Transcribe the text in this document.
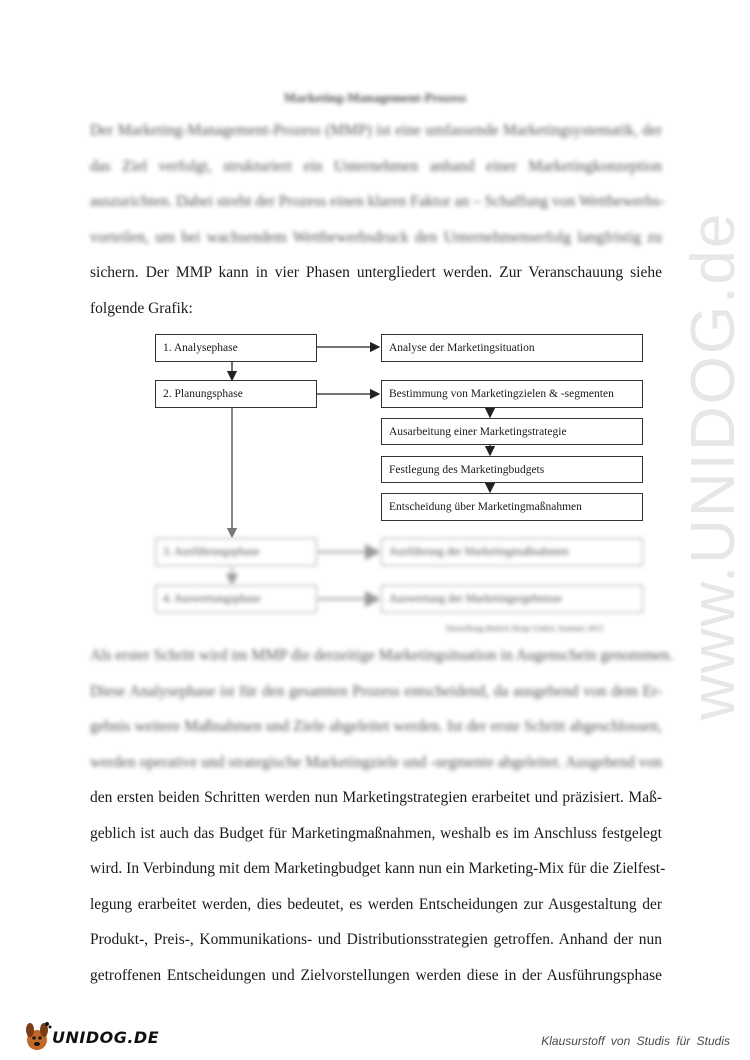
www.UNIDOG.de
Marketing-Management-Prozess

Der Marketing-Management-Prozess (MMP) ist eine umfassende Marketingsystematik, der
das Ziel verfolgt, strukturiert ein Unternehmen anhand einer Marketingkonzeption
auszurichten. Dabei strebt der Prozess einen klaren Faktor an – Schaffung von Wettbewerbs-
vorteilen, um bei wachsendem Wettbewerbsdruck den Unternehmenserfolg langfristig zu
sichern. Der MMP kann in vier Phasen untergliedert werden. Zur Veranschauung siehe
folgende Grafik:

1. Analysephase
2. Planungsphase
Analyse der Marketingsituation
Bestimmung von Marketingzielen & -segmenten
Ausarbeitung einer Marketingstrategie
Festlegung des Marketingbudgets
Entscheidung über Marketingmaßnahmen
3. Ausführungsphase
4. Auswertungsphase
Ausführung der Marketingmaßnahmen
Auswertung der Marketingergebnisse
Darstellung ähnlich Skript Unikel, Sommer 2015

Als erster Schritt wird im MMP die derzeitige Marketingsituation in Augenschein genommen.
Diese Analysephase ist für den gesamten Prozess entscheidend, da ausgehend von dem Er-
gebnis weitere Maßnahmen und Ziele abgeleitet werden. Ist der erste Schritt abgeschlossen,
werden operative und strategische Marketingziele und -segmente abgeleitet. Ausgehend von
den ersten beiden Schritten werden nun Marketingstrategien erarbeitet und präzisiert. Maß-
geblich ist auch das Budget für Marketingmaßnahmen, weshalb es im Anschluss festgelegt
wird. In Verbindung mit dem Marketingbudget kann nun ein Marketing-Mix für die Zielfest-
legung erarbeitet werden, dies bedeutet, es werden Entscheidungen zur Ausgestaltung der
Produkt-, Preis-, Kommunikations- und Distributionsstrategien getroffen. Anhand der nun
getroffenen Entscheidungen und Zielvorstellungen werden diese in der Ausführungsphase

UNIDOG.DE	Klausurstoff von Studis für Studis
